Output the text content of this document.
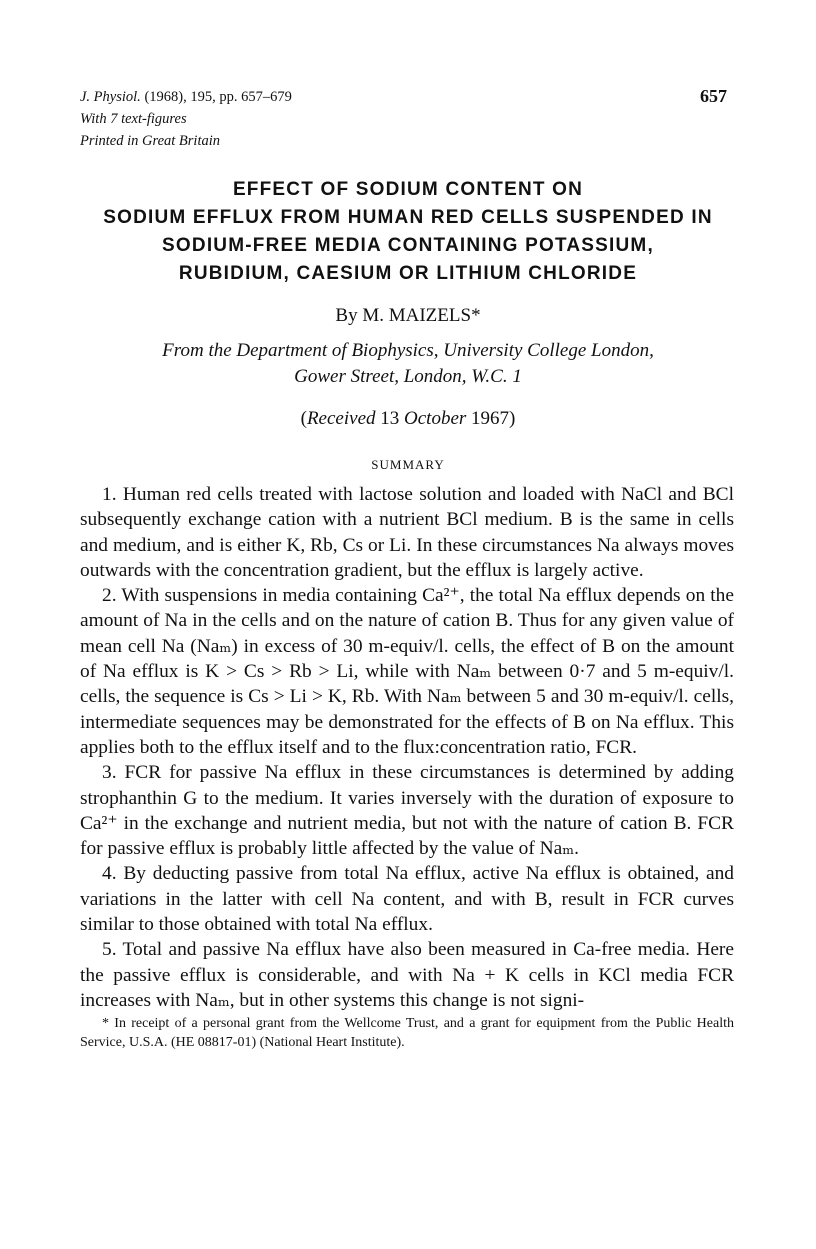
J. Physiol. (1968), 195, pp. 657–679
With 7 text-figures
Printed in Great Britain
657
EFFECT OF SODIUM CONTENT ON
SODIUM EFFLUX FROM HUMAN RED CELLS SUSPENDED IN
SODIUM-FREE MEDIA CONTAINING POTASSIUM,
RUBIDIUM, CAESIUM OR LITHIUM CHLORIDE
By M. MAIZELS*
From the Department of Biophysics, University College London,
Gower Street, London, W.C. 1
(Received 13 October 1967)
SUMMARY

1. Human red cells treated with lactose solution and loaded with NaCl and BCl subsequently exchange cation with a nutrient BCl medium. B is the same in cells and medium, and is either K, Rb, Cs or Li. In these circumstances Na always moves outwards with the concentration gradient, but the efflux is largely active.

2. With suspensions in media containing Ca²⁺, the total Na efflux depends on the amount of Na in the cells and on the nature of cation B. Thus for any given value of mean cell Na (Naₘ) in excess of 30 m-equiv/l. cells, the effect of B on the amount of Na efflux is K > Cs > Rb > Li, while with Naₘ between 0·7 and 5 m-equiv/l. cells, the sequence is Cs > Li > K, Rb. With Naₘ between 5 and 30 m-equiv/l. cells, intermediate sequences may be demonstrated for the effects of B on Na efflux. This applies both to the efflux itself and to the flux:concentration ratio, FCR.

3. FCR for passive Na efflux in these circumstances is determined by adding strophanthin G to the medium. It varies inversely with the duration of exposure to Ca²⁺ in the exchange and nutrient media, but not with the nature of cation B. FCR for passive efflux is probably little affected by the value of Naₘ.

4. By deducting passive from total Na efflux, active Na efflux is obtained, and variations in the latter with cell Na content, and with B, result in FCR curves similar to those obtained with total Na efflux.

5. Total and passive Na efflux have also been measured in Ca-free media. Here the passive efflux is considerable, and with Na + K cells in KCl media FCR increases with Naₘ, but in other systems this change is not signi-

* In receipt of a personal grant from the Wellcome Trust, and a grant for equipment from the Public Health Service, U.S.A. (HE 08817-01) (National Heart Institute).
